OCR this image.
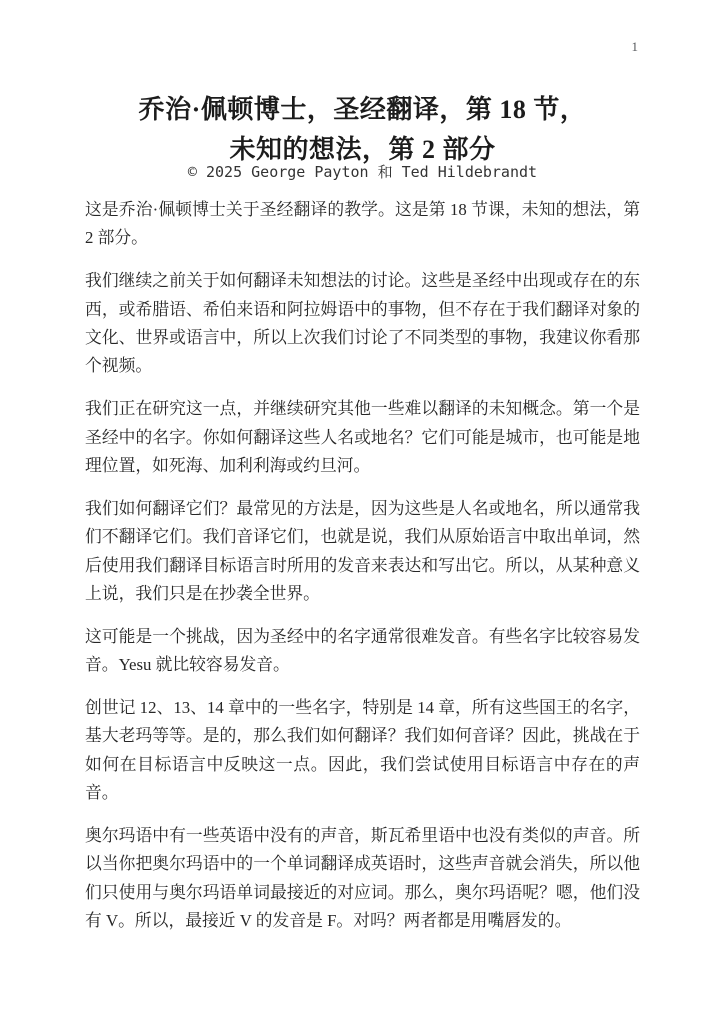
1
乔治·佩顿博士，圣经翻译，第 18 节，
未知的想法，第 2 部分
© 2025 George Payton 和 Ted Hildebrandt

这是乔治·佩顿博士关于圣经翻译的教学。这是第 18 节课，未知的想法，第 2 部分。

我们继续之前关于如何翻译未知想法的讨论。这些是圣经中出现或存在的东西，或希腊语、希伯来语和阿拉姆语中的事物，但不存在于我们翻译对象的文化、世界或语言中，所以上次我们讨论了不同类型的事物，我建议你看那个视频。

我们正在研究这一点，并继续研究其他一些难以翻译的未知概念。第一个是圣经中的名字。你如何翻译这些人名或地名？它们可能是城市，也可能是地理位置，如死海、加利利海或约旦河。

我们如何翻译它们？最常见的方法是，因为这些是人名或地名，所以通常我们不翻译它们。我们音译它们，也就是说，我们从原始语言中取出单词，然后使用我们翻译目标语言时所用的发音来表达和写出它。所以，从某种意义上说，我们只是在抄袭全世界。

这可能是一个挑战，因为圣经中的名字通常很难发音。有些名字比较容易发音。Yesu 就比较容易发音。

创世记 12、13、14 章中的一些名字，特别是 14 章，所有这些国王的名字，基大老玛等等。是的，那么我们如何翻译？我们如何音译？因此，挑战在于如何在目标语言中反映这一点。因此，我们尝试使用目标语言中存在的声音。

奥尔玛语中有一些英语中没有的声音，斯瓦希里语中也没有类似的声音。所以当你把奥尔玛语中的一个单词翻译成英语时，这些声音就会消失，所以他们只使用与奥尔玛语单词最接近的对应词。那么，奥尔玛语呢？嗯，他们没有 V。所以，最接近 V 的发音是 F。对吗？两者都是用嘴唇发的。
